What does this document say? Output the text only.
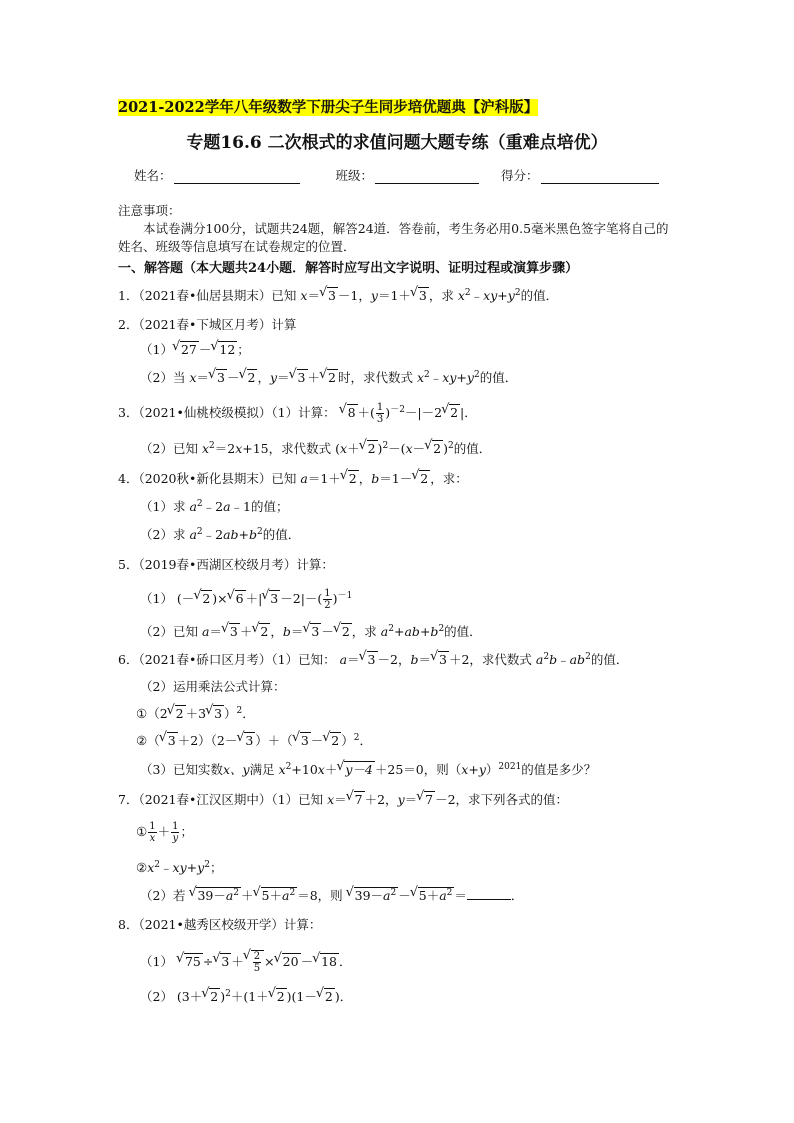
2021-2022学年八年级数学下册尖子生同步培优题典【沪科版】
专题16.6 二次根式的求值问题大题专练（重难点培优）
姓名：	班级：	得分：
注意事项：
本试卷满分100分，试题共24题，解答24道．答卷前，考生务必用0.5毫米黑色签字笔将自己的姓名、班级等信息填写在试卷规定的位置．
一、解答题（本大题共24小题．解答时应写出文字说明、证明过程或演算步骤）
1．（2021春•仙居县期末）已知 x＝√ 3 －1，y＝1＋√ 3 ，求 $x^2﹣xy+y^2$的值．
2．（2021春•下城区月考）计算
（1）√ 27 －√ 12 ；
（2）当 x＝√ 3 －√ 2 ，y＝√ 3 ＋√ 2 时，求代数式 $x^2﹣xy+y^2$的值．
3．（2021•仙桃校级模拟）（1）计算： √ 8 ＋( $\frac{1}{3} )^{-2}-|-2√$ 2 |．
（2）已知 $x^2=2x+15$，求代数式 (x＋√ 2 )$^2$－(x－√ 2 )$^2$的值．
4．（2020秋•新化县期末）已知 a＝1＋√ 2 ，b＝1－√ 2 ，求：
（1）求 $a^2﹣2a﹣1$的值；
（2）求 $a^2﹣2ab+b^2$的值．
5．（2019春•西湖区校级月考）计算：
（1） (－√ 2 )×√ 6 ＋|√ $3 -2|-( \frac{1}{2} )^{-1}$
（2）已知 a＝√ 3 ＋√ 2 ，b＝√ 3 －√ 2 ，求 $a^2+ab+b^2$的值．
6．（2021春•硚口区月考）（1）已知： a＝√ 3 －2，b＝√ 3 ＋2，求代数式 $a^2b﹣ab^2$的值．
（2）运用乘法公式计算：
①（2√ 2 ＋3√ 3 ）$^2$．
②（√ 3 ＋2）（2－√ 3 ）＋（√ 3 －√ 2 ）$^2$．
（3）已知实数x、y满足 $x^2+10x+√$ y－4 ＋25＝0，则$(x+y)^{2021}$的值是多少？
7．（2021春•江汉区期中）（1）已知 x＝√ 7 ＋2，y＝√ 7 －2，求下列各式的值：
① $\frac{1}{x} + \frac{1}{y}$ ；
$②x^2﹣xy+y^2$；
（2）若 √ $39-a^2$ ＋√ $5+a^2 =8$，则 √ $39-a^2$ －√ $5+a^2$ ＝	．
8．（2021•越秀区校级开学）计算：
（1） √ 75 ÷√ 3 ＋
√ $\frac{2}{5}$ ×√ 20 －√ 18 ．
（2） (3＋√ 2 )$^2$＋(1＋√ 2 )(1－√ 2 )．
